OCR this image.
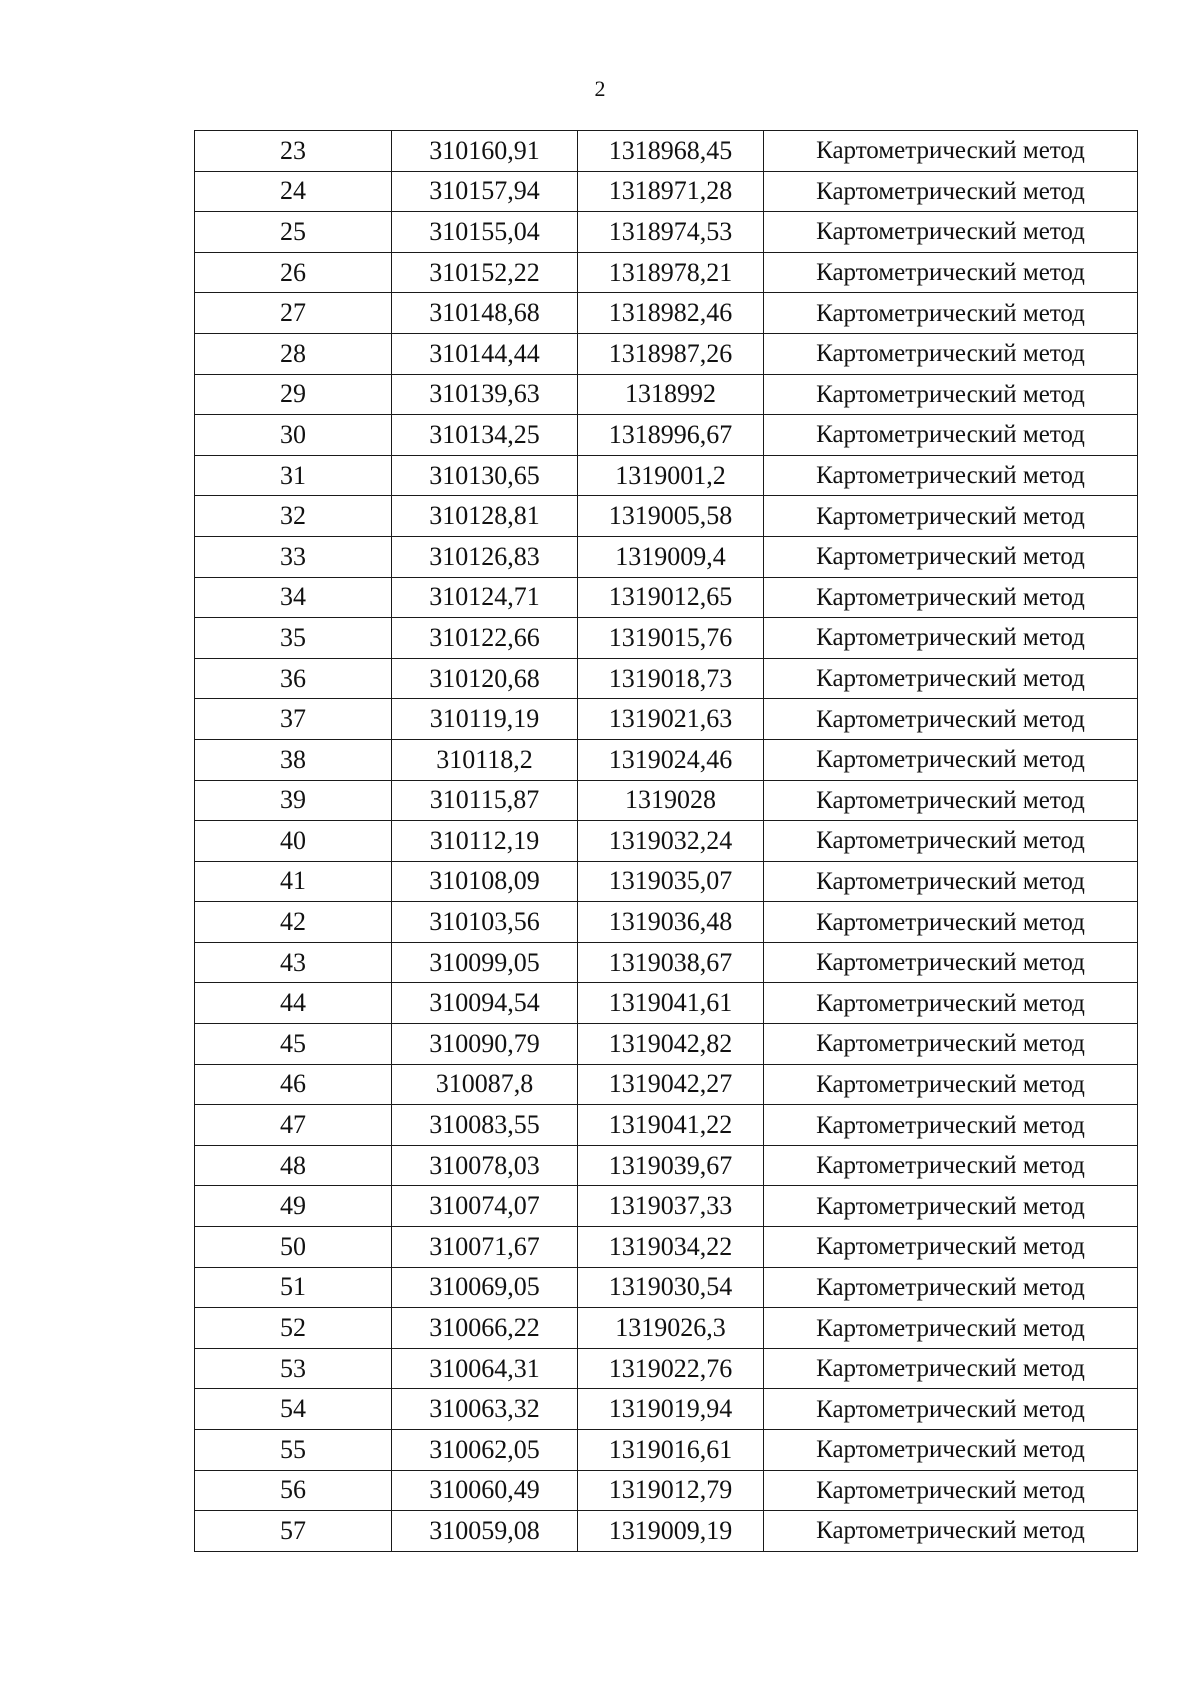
2
23	310160,91	1318968,45	Картометрический метод
24	310157,94	1318971,28	Картометрический метод
25	310155,04	1318974,53	Картометрический метод
26	310152,22	1318978,21	Картометрический метод
27	310148,68	1318982,46	Картометрический метод
28	310144,44	1318987,26	Картометрический метод
29	310139,63	1318992	Картометрический метод
30	310134,25	1318996,67	Картометрический метод
31	310130,65	1319001,2	Картометрический метод
32	310128,81	1319005,58	Картометрический метод
33	310126,83	1319009,4	Картометрический метод
34	310124,71	1319012,65	Картометрический метод
35	310122,66	1319015,76	Картометрический метод
36	310120,68	1319018,73	Картометрический метод
37	310119,19	1319021,63	Картометрический метод
38	310118,2	1319024,46	Картометрический метод
39	310115,87	1319028	Картометрический метод
40	310112,19	1319032,24	Картометрический метод
41	310108,09	1319035,07	Картометрический метод
42	310103,56	1319036,48	Картометрический метод
43	310099,05	1319038,67	Картометрический метод
44	310094,54	1319041,61	Картометрический метод
45	310090,79	1319042,82	Картометрический метод
46	310087,8	1319042,27	Картометрический метод
47	310083,55	1319041,22	Картометрический метод
48	310078,03	1319039,67	Картометрический метод
49	310074,07	1319037,33	Картометрический метод
50	310071,67	1319034,22	Картометрический метод
51	310069,05	1319030,54	Картометрический метод
52	310066,22	1319026,3	Картометрический метод
53	310064,31	1319022,76	Картометрический метод
54	310063,32	1319019,94	Картометрический метод
55	310062,05	1319016,61	Картометрический метод
56	310060,49	1319012,79	Картометрический метод
57	310059,08	1319009,19	Картометрический метод
